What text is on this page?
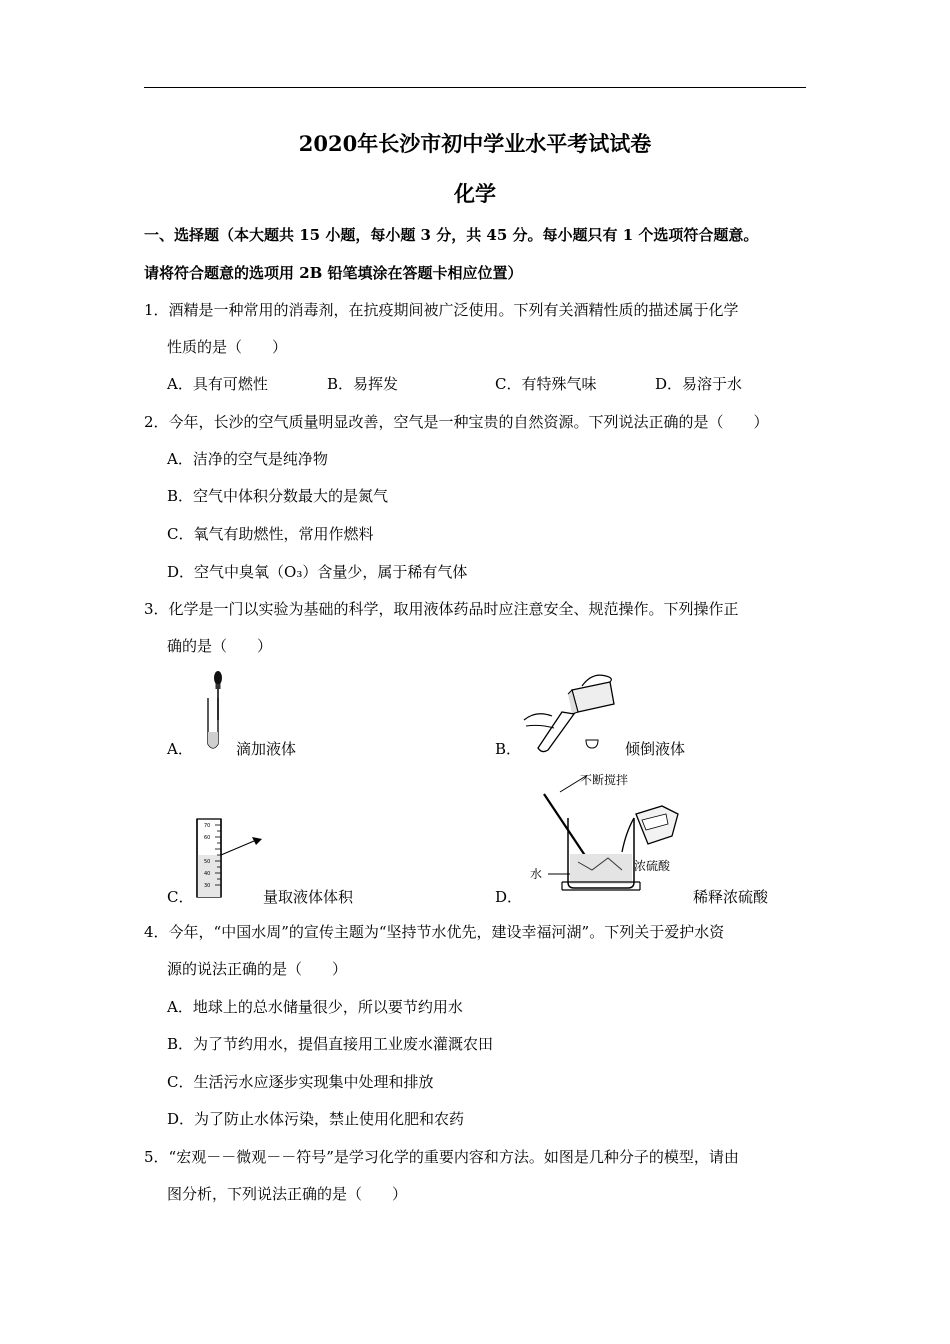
2020年长沙市初中学业水平考试试卷
化学
一、选择题（本大题共 15 小题，每小题 3 分，共 45 分。每小题只有 1 个选项符合题意。
请将符合题意的选项用 2B 铅笔填涂在答题卡相应位置）
1．酒精是一种常用的消毒剂，在抗疫期间被广泛使用。下列有关酒精性质的描述属于化学
性质的是（　　）
A．具有可燃性	B．易挥发	C．有特殊气味	D．易溶于水
2．今年，长沙的空气质量明显改善，空气是一种宝贵的自然资源。下列说法正确的是（　　）
A．洁净的空气是纯净物
B．空气中体积分数最大的是氮气
C．氧气有助燃性，常用作燃料
D．空气中臭氧（O₃）含量少，属于稀有气体
3．化学是一门以实验为基础的科学，取用液体药品时应注意安全、规范操作。下列操作正
确的是（　　）
A．	滴加液体	B．	倾倒液体
70
60
50
40
30
C．	量取液体体积
不断搅拌
浓硫酸
水
D．	稀释浓硫酸
4．今年，“中国水周”的宣传主题为“坚持节水优先，建设幸福河湖”。下列关于爱护水资
源的说法正确的是（　　）
A．地球上的总水储量很少，所以要节约用水
B．为了节约用水，提倡直接用工业废水灌溉农田
C．生活污水应逐步实现集中处理和排放
D．为了防止水体污染，禁止使用化肥和农药
5．“宏观－－微观－－符号”是学习化学的重要内容和方法。如图是几种分子的模型，请由
图分析，下列说法正确的是（　　）
